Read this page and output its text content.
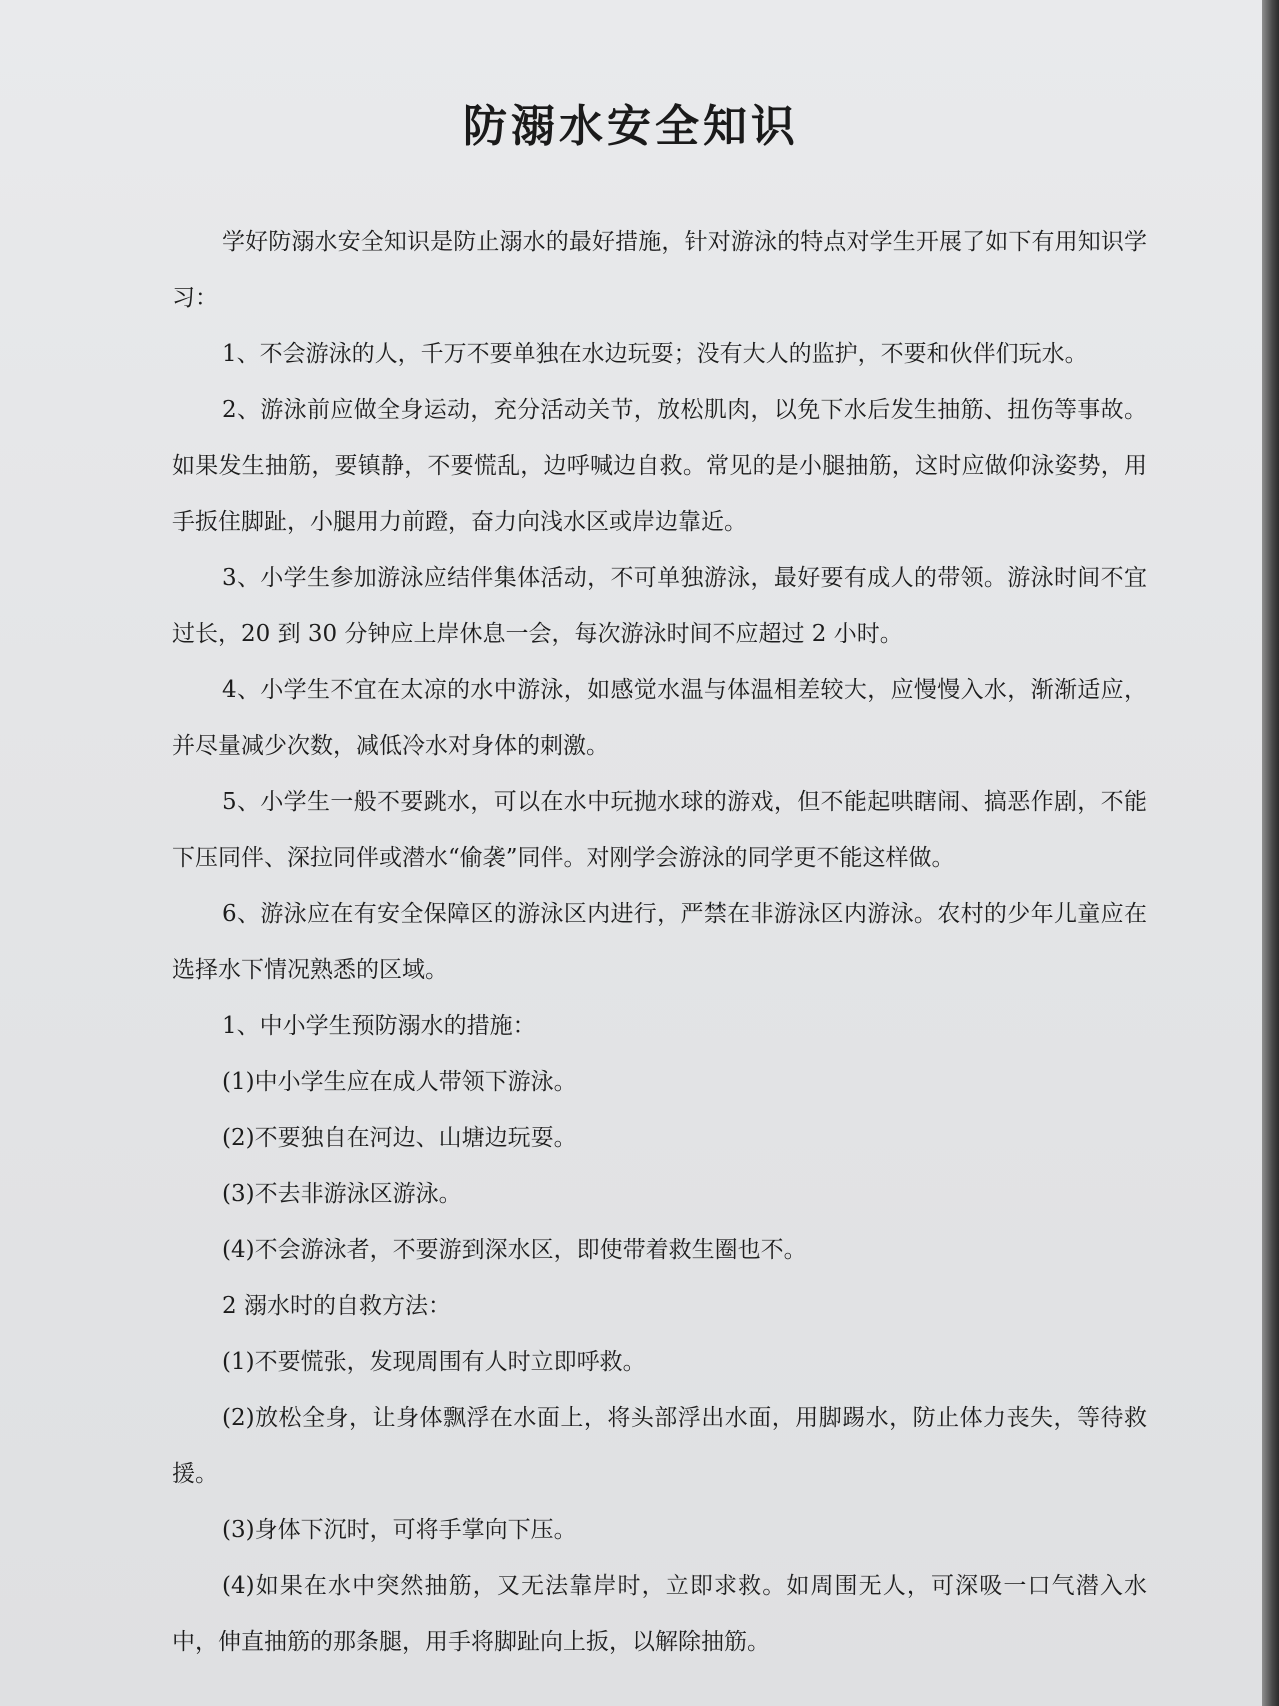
防溺水安全知识

学好防溺水安全知识是防止溺水的最好措施，针对游泳的特点对学生开展了如下有用知识学习：

1、不会游泳的人，千万不要单独在水边玩耍；没有大人的监护，不要和伙伴们玩水。

2、游泳前应做全身运动，充分活动关节，放松肌肉，以免下水后发生抽筋、扭伤等事故。如果发生抽筋，要镇静，不要慌乱，边呼喊边自救。常见的是小腿抽筋，这时应做仰泳姿势，用手扳住脚趾，小腿用力前蹬，奋力向浅水区或岸边靠近。

3、小学生参加游泳应结伴集体活动，不可单独游泳，最好要有成人的带领。游泳时间不宜过长，20 到 30 分钟应上岸休息一会，每次游泳时间不应超过 2 小时。

4、小学生不宜在太凉的水中游泳，如感觉水温与体温相差较大，应慢慢入水，渐渐适应，并尽量减少次数，减低冷水对身体的刺激。

5、小学生一般不要跳水，可以在水中玩抛水球的游戏，但不能起哄瞎闹、搞恶作剧，不能下压同伴、深拉同伴或潜水“偷袭”同伴。对刚学会游泳的同学更不能这样做。

6、游泳应在有安全保障区的游泳区内进行，严禁在非游泳区内游泳。农村的少年儿童应在选择水下情况熟悉的区域。

1、中小学生预防溺水的措施：

(1)中小学生应在成人带领下游泳。

(2)不要独自在河边、山塘边玩耍。

(3)不去非游泳区游泳。

(4)不会游泳者，不要游到深水区，即使带着救生圈也不。

2 溺水时的自救方法：

(1)不要慌张，发现周围有人时立即呼救。

(2)放松全身，让身体飘浮在水面上，将头部浮出水面，用脚踢水，防止体力丧失，等待救援。

(3)身体下沉时，可将手掌向下压。

(4)如果在水中突然抽筋，又无法靠岸时，立即求救。如周围无人，可深吸一口气潜入水中，伸直抽筋的那条腿，用手将脚趾向上扳，以解除抽筋。
